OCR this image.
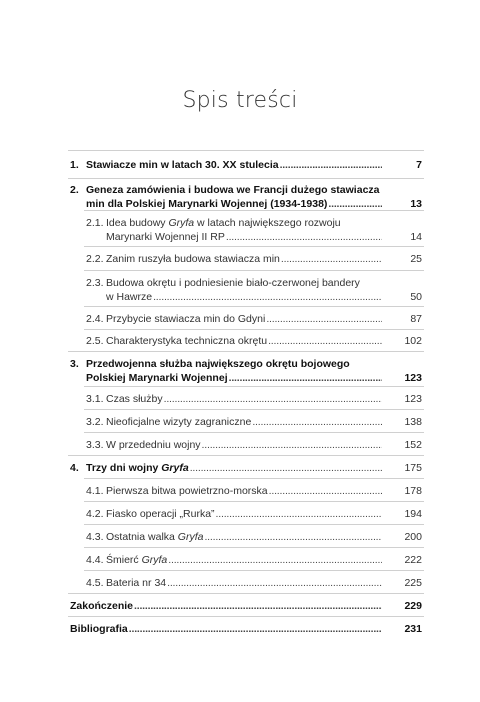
Spis treści
1. Stawiacze min w latach 30. XX stulecia .....	7
2. Geneza zamówienia i budowa we Francji dużego stawiacza
min dla Polskiej Marynarki Wojennej (1934-1938) .....	13
2.1. Idea budowy Gryfa w latach największego rozwoju
Marynarki Wojennej II RP .....	14
2.2. Zanim ruszyła budowa stawiacza min .....	25
2.3. Budowa okrętu i podniesienie biało-czerwonej bandery
w Hawrze .....	50
2.4. Przybycie stawiacza min do Gdyni .....	87
2.5. Charakterystyka techniczna okrętu .....	102
3. Przedwojenna służba największego okrętu bojowego
Polskiej Marynarki Wojennej .....	123
3.1. Czas służby .....	123
3.2. Nieoficjalne wizyty zagraniczne .....	138
3.3. W przededniu wojny .....	152
4. Trzy dni wojny Gryfa .....	175
4.1. Pierwsza bitwa powietrzno-morska .....	178
4.2. Fiasko operacji „Rurka” .....	194
4.3. Ostatnia walka Gryfa .....	200
4.4. Śmierć Gryfa .....	222
4.5. Bateria nr 34 .....	225
Zakończenie .....	229
Bibliografia .....	231
